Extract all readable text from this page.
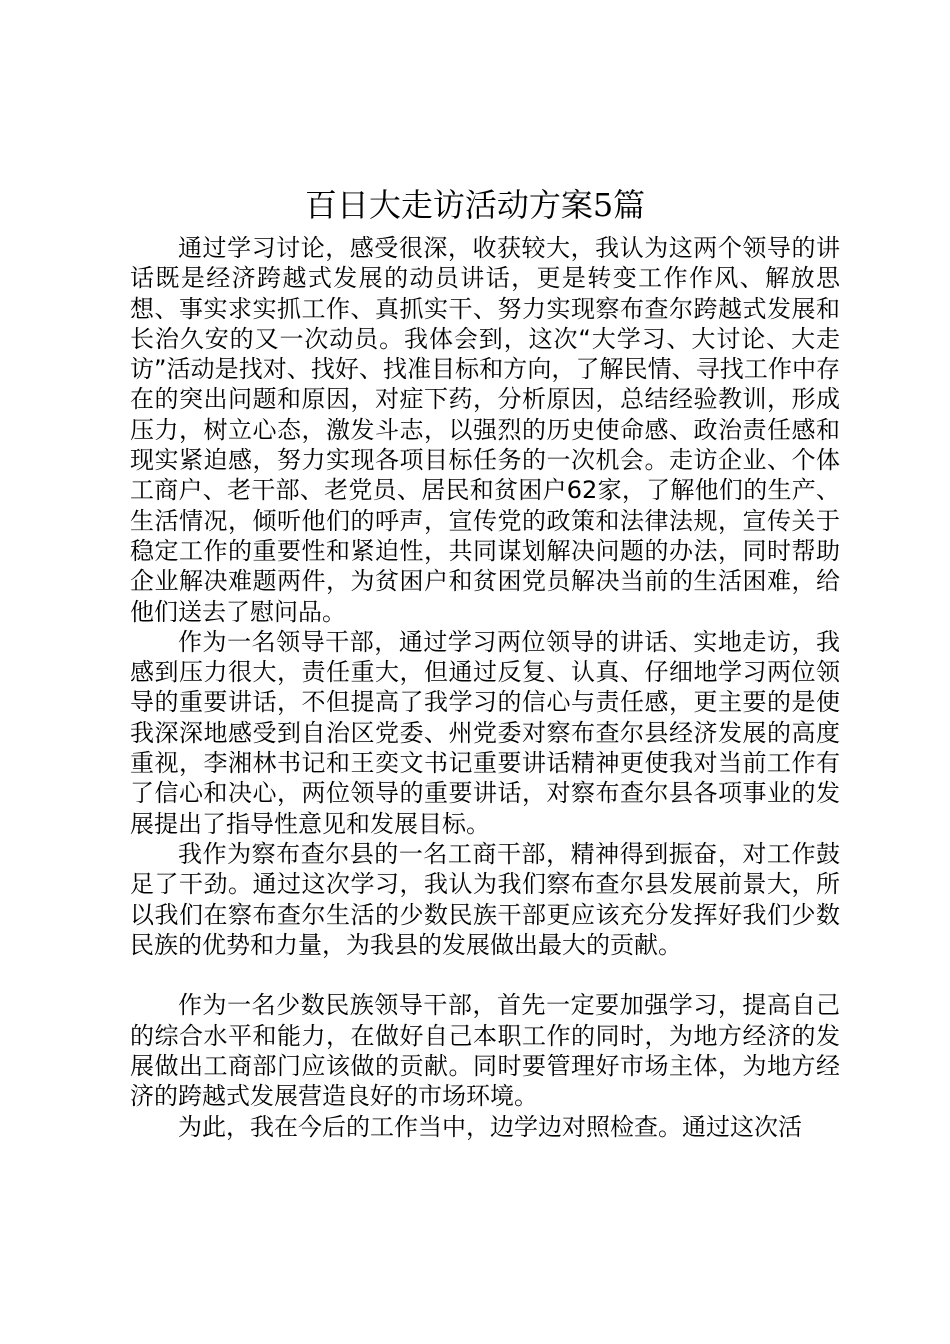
百日大走访活动方案5篇

通过学习讨论，感受很深，收获较大，我认为这两个领导的讲话既是经济跨越式发展的动员讲话，更是转变工作作风、解放思想、事实求实抓工作、真抓实干、努力实现察布查尔跨越式发展和长治久安的又一次动员。我体会到，这次“大学习、大讨论、大走访”活动是找对、找好、找准目标和方向，了解民情、寻找工作中存在的突出问题和原因，对症下药，分析原因，总结经验教训，形成压力，树立心态，激发斗志，以强烈的历史使命感、政治责任感和现实紧迫感，努力实现各项目标任务的一次机会。走访企业、个体工商户、老干部、老党员、居民和贫困户62家，了解他们的生产、生活情况，倾听他们的呼声，宣传党的政策和法律法规，宣传关于稳定工作的重要性和紧迫性，共同谋划解决问题的办法，同时帮助企业解决难题两件，为贫困户和贫困党员解决当前的生活困难，给他们送去了慰问品。

作为一名领导干部，通过学习两位领导的讲话、实地走访，我感到压力很大，责任重大，但通过反复、认真、仔细地学习两位领导的重要讲话，不但提高了我学习的信心与责任感，更主要的是使我深深地感受到自治区党委、州党委对察布查尔县经济发展的高度重视，李湘林书记和王奕文书记重要讲话精神更使我对当前工作有了信心和决心，两位领导的重要讲话，对察布查尔县各项事业的发展提出了指导性意见和发展目标。

我作为察布查尔县的一名工商干部，精神得到振奋，对工作鼓足了干劲。通过这次学习，我认为我们察布查尔县发展前景大，所以我们在察布查尔生活的少数民族干部更应该充分发挥好我们少数民族的优势和力量，为我县的发展做出最大的贡献。

作为一名少数民族领导干部，首先一定要加强学习，提高自己的综合水平和能力，在做好自己本职工作的同时，为地方经济的发展做出工商部门应该做的贡献。同时要管理好市场主体，为地方经济的跨越式发展营造良好的市场环境。

为此，我在今后的工作当中，边学边对照检查。通过这次活
